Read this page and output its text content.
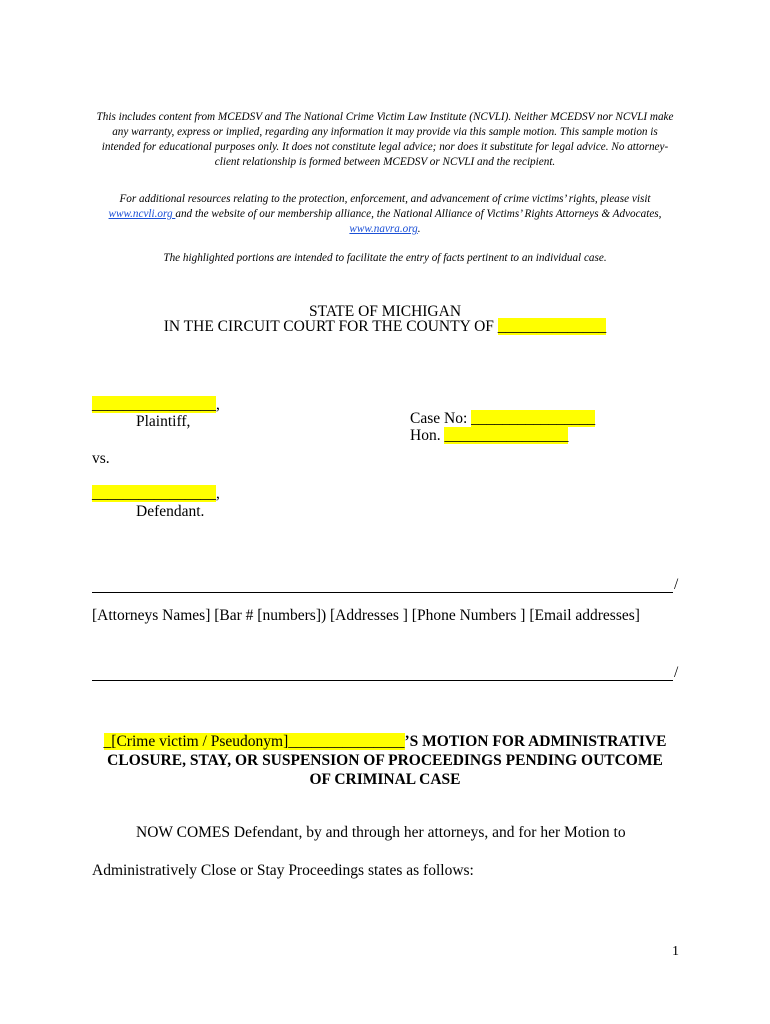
This includes content from MCEDSV and The National Crime Victim Law Institute (NCVLI). Neither MCEDSV nor NCVLI make any warranty, express or implied, regarding any information it may provide via this sample motion. This sample motion is intended for educational purposes only. It does not constitute legal advice; nor does it substitute for legal advice. No attorney-client relationship is formed between MCEDSV or NCVLI and the recipient.
For additional resources relating to the protection, enforcement, and advancement of crime victims’ rights, please visit www.ncvli.org and the website of our membership alliance, the National Alliance of Victims’ Rights Attorneys & Advocates, www.navra.org.
The highlighted portions are intended to facilitate the entry of facts pertinent to an individual case.
STATE OF MICHIGAN
IN THE CIRCUIT COURT FOR THE COUNTY OF ______________
________________,
Plaintiff,	Case No: ________________
Hon. ________________
vs.
________________,
Defendant.
/
[Attorneys Names] [Bar # [numbers]) [Addresses ] [Phone Numbers ] [Email addresses]
/
_[Crime victim / Pseudonym]_______________’S MOTION FOR ADMINISTRATIVE
CLOSURE, STAY, OR SUSPENSION OF PROCEEDINGS PENDING OUTCOME
OF CRIMINAL CASE
NOW COMES Defendant, by and through her attorneys, and for her Motion to
Administratively Close or Stay Proceedings states as follows:
1
